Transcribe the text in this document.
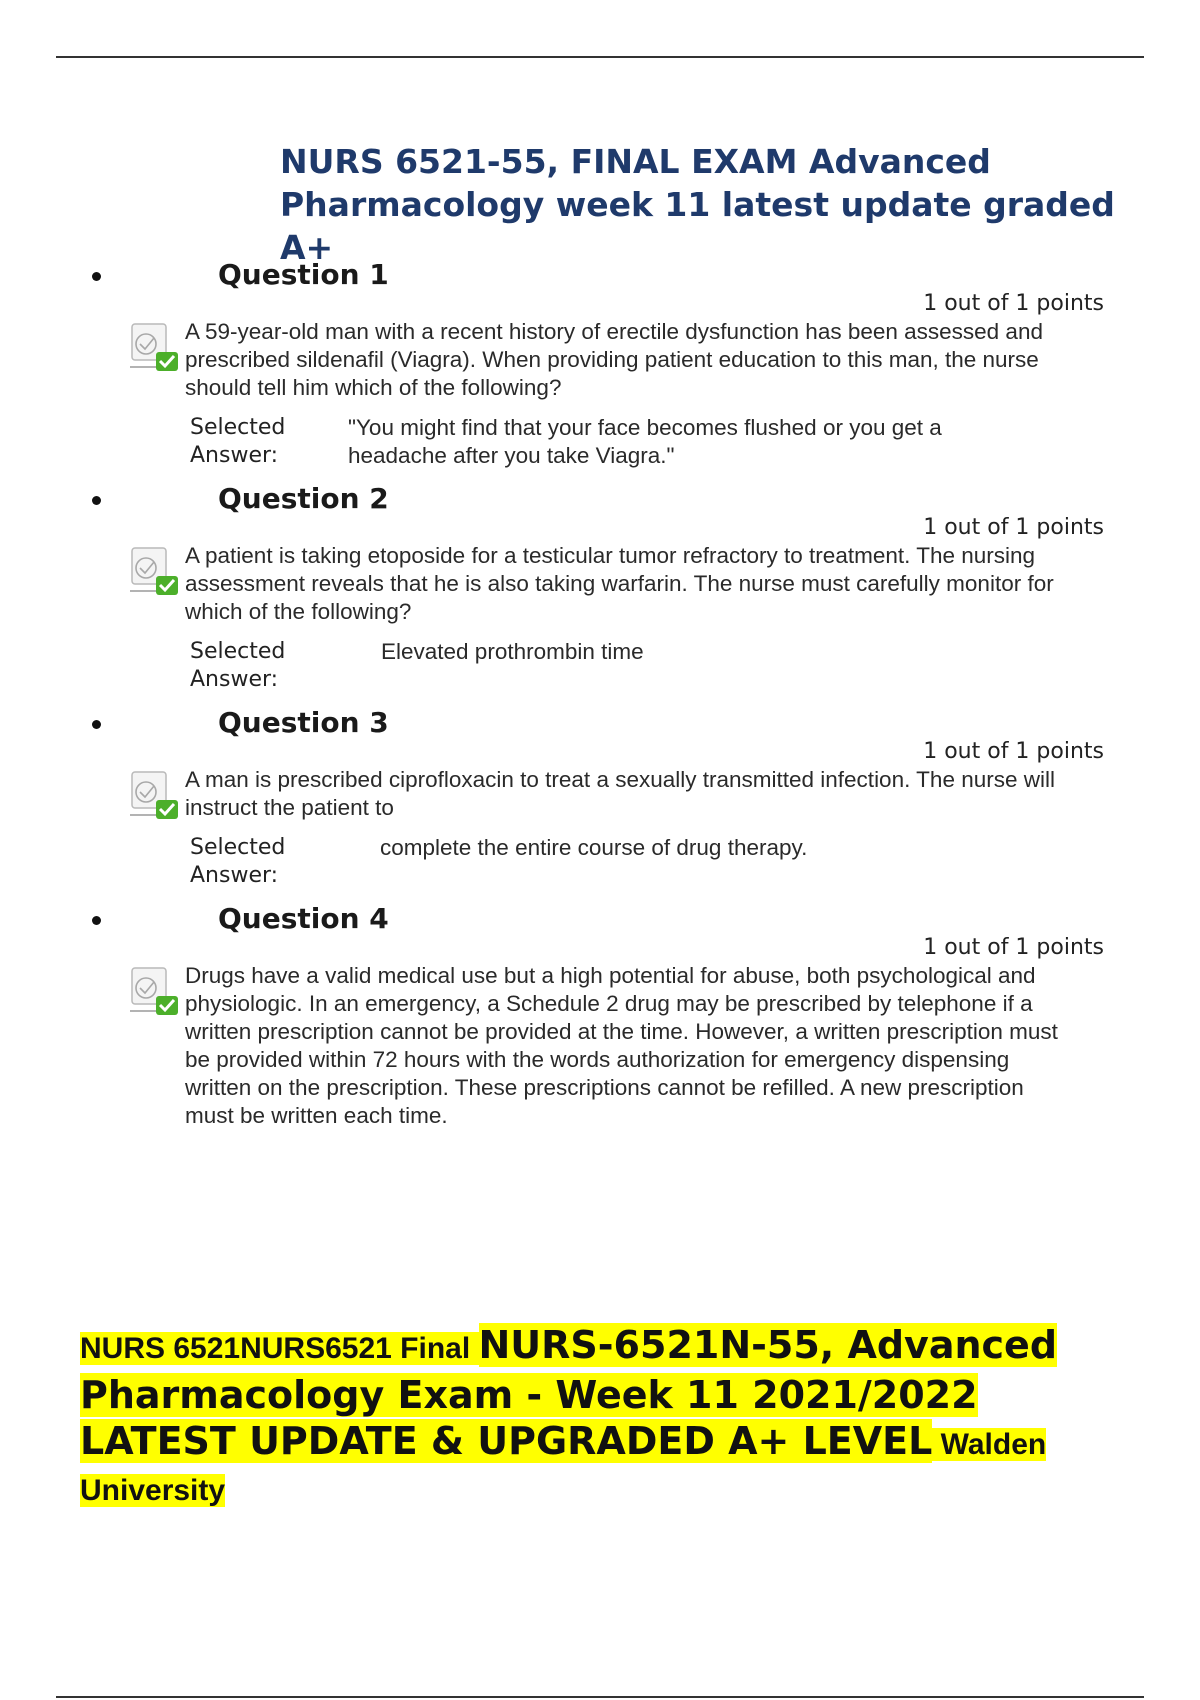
NURS 6521-55, FINAL EXAM Advanced Pharmacology week 11 latest update graded A+
Question 1
1 out of 1 points

A 59-year-old man with a recent history of erectile dysfunction has been assessed and prescribed sildenafil (Viagra). When providing patient education to this man, the nurse should tell him which of the following?

Selected Answer:
"You might find that your face becomes flushed or you get a headache after you take Viagra."
Question 2
1 out of 1 points

A patient is taking etoposide for a testicular tumor refractory to treatment. The nursing assessment reveals that he is also taking warfarin. The nurse must carefully monitor for which of the following?

Selected Answer:
Elevated prothrombin time
Question 3
1 out of 1 points

A man is prescribed ciprofloxacin to treat a sexually transmitted infection. The nurse will instruct the patient to

Selected Answer:
complete the entire course of drug therapy.
Question 4
1 out of 1 points

Drugs have a valid medical use but a high potential for abuse, both psychological and physiologic. In an emergency, a Schedule 2 drug may be prescribed by telephone if a written prescription cannot be provided at the time. However, a written prescription must be provided within 72 hours with the words authorization for emergency dispensing written on the prescription. These prescriptions cannot be refilled. A new prescription must be written each time.

NURS 6521NURS6521 Final NURS-6521N-55, Advanced Pharmacology Exam - Week 11 2021/2022 LATEST UPDATE & UPGRADED A+ LEVEL Walden University
